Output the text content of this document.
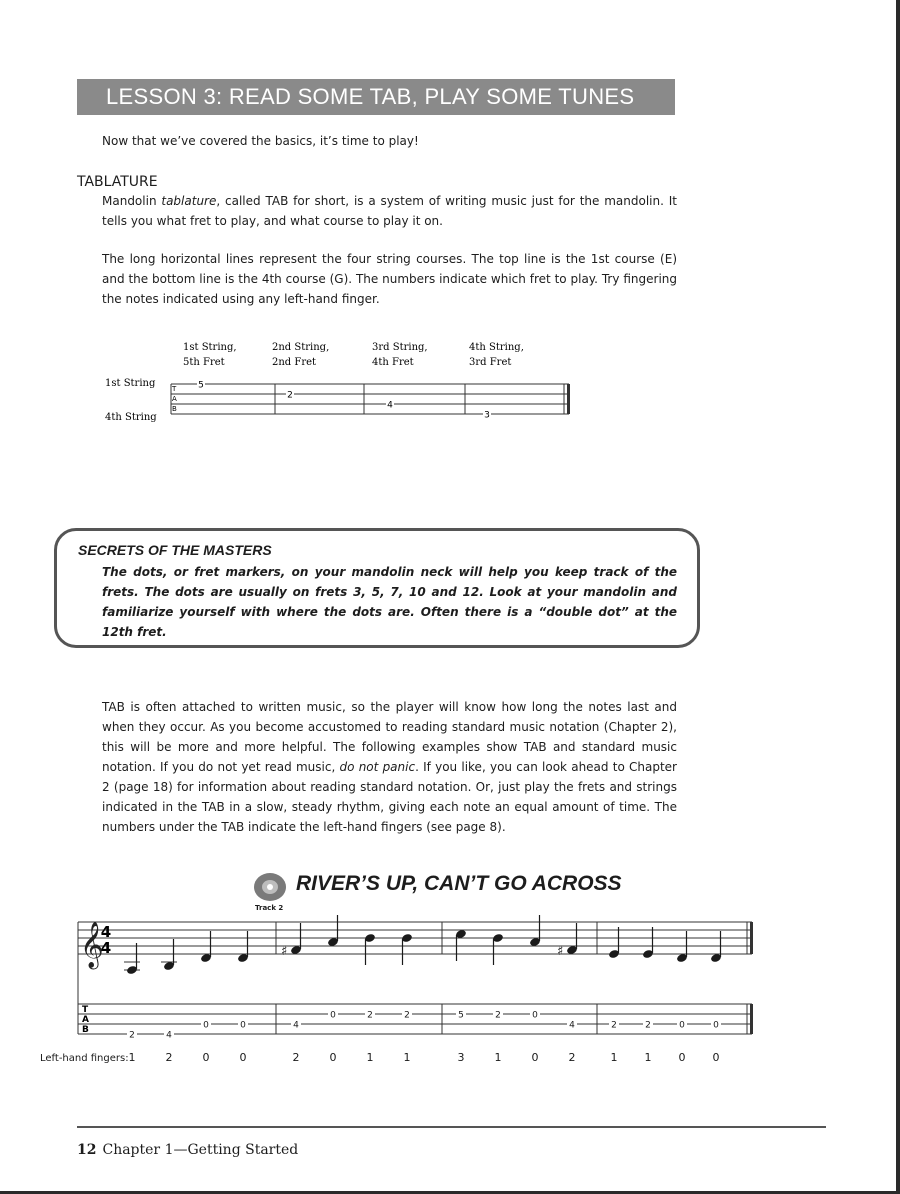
LESSON 3: READ SOME TAB, PLAY SOME TUNES
Now that we’ve covered the basics, it’s time to play!
TABLATURE
Mandolin tablature, called TAB for short, is a system of writing music just for the mandolin. It tells you what fret to play, and what course to play it on.
The long horizontal lines represent the four string courses. The top line is the 1st course (E) and the bottom line is the 4th course (G). The numbers indicate which fret to play. Try fingering the notes indicated using any left-hand finger.
1st String
4th String
T
A
B
1st String,
5th Fret
5
2nd String,
2nd Fret
2
3rd String,
4th Fret
4
4th String,
3rd Fret
3
SECRETS OF THE MASTERS
The dots, or fret markers, on your mandolin neck will help you keep track of the frets. The dots are usually on frets 3, 5, 7, 10 and 12. Look at your mandolin and familiarize yourself with where the dots are. Often there is a “double dot” at the 12th fret.
TAB is often attached to written music, so the player will know how long the notes last and when they occur. As you become accustomed to reading standard music notation (Chapter 2), this will be more and more helpful. The following examples show TAB and standard music notation. If you do not yet read music, do not panic. If you like, you can look ahead to Chapter 2 (page 18) for information about reading standard notation. Or, just play the frets and strings indicated in the TAB in a slow, steady rhythm, giving each note an equal amount of time. The numbers under the TAB indicate the left-hand fingers (see page 8).
RIVER’S UP, CAN’T GO ACROSS
Track 2
𝄞
4
4	♯	♯
T
A
B
2	4
0	0	4
0	2	2	5	2	0
4	2	2	0	0
1	2	0	0	2	0	1	1	3	1	0	2	1 1 0 0
Left-hand fingers:
12 Chapter 1—Getting Started
